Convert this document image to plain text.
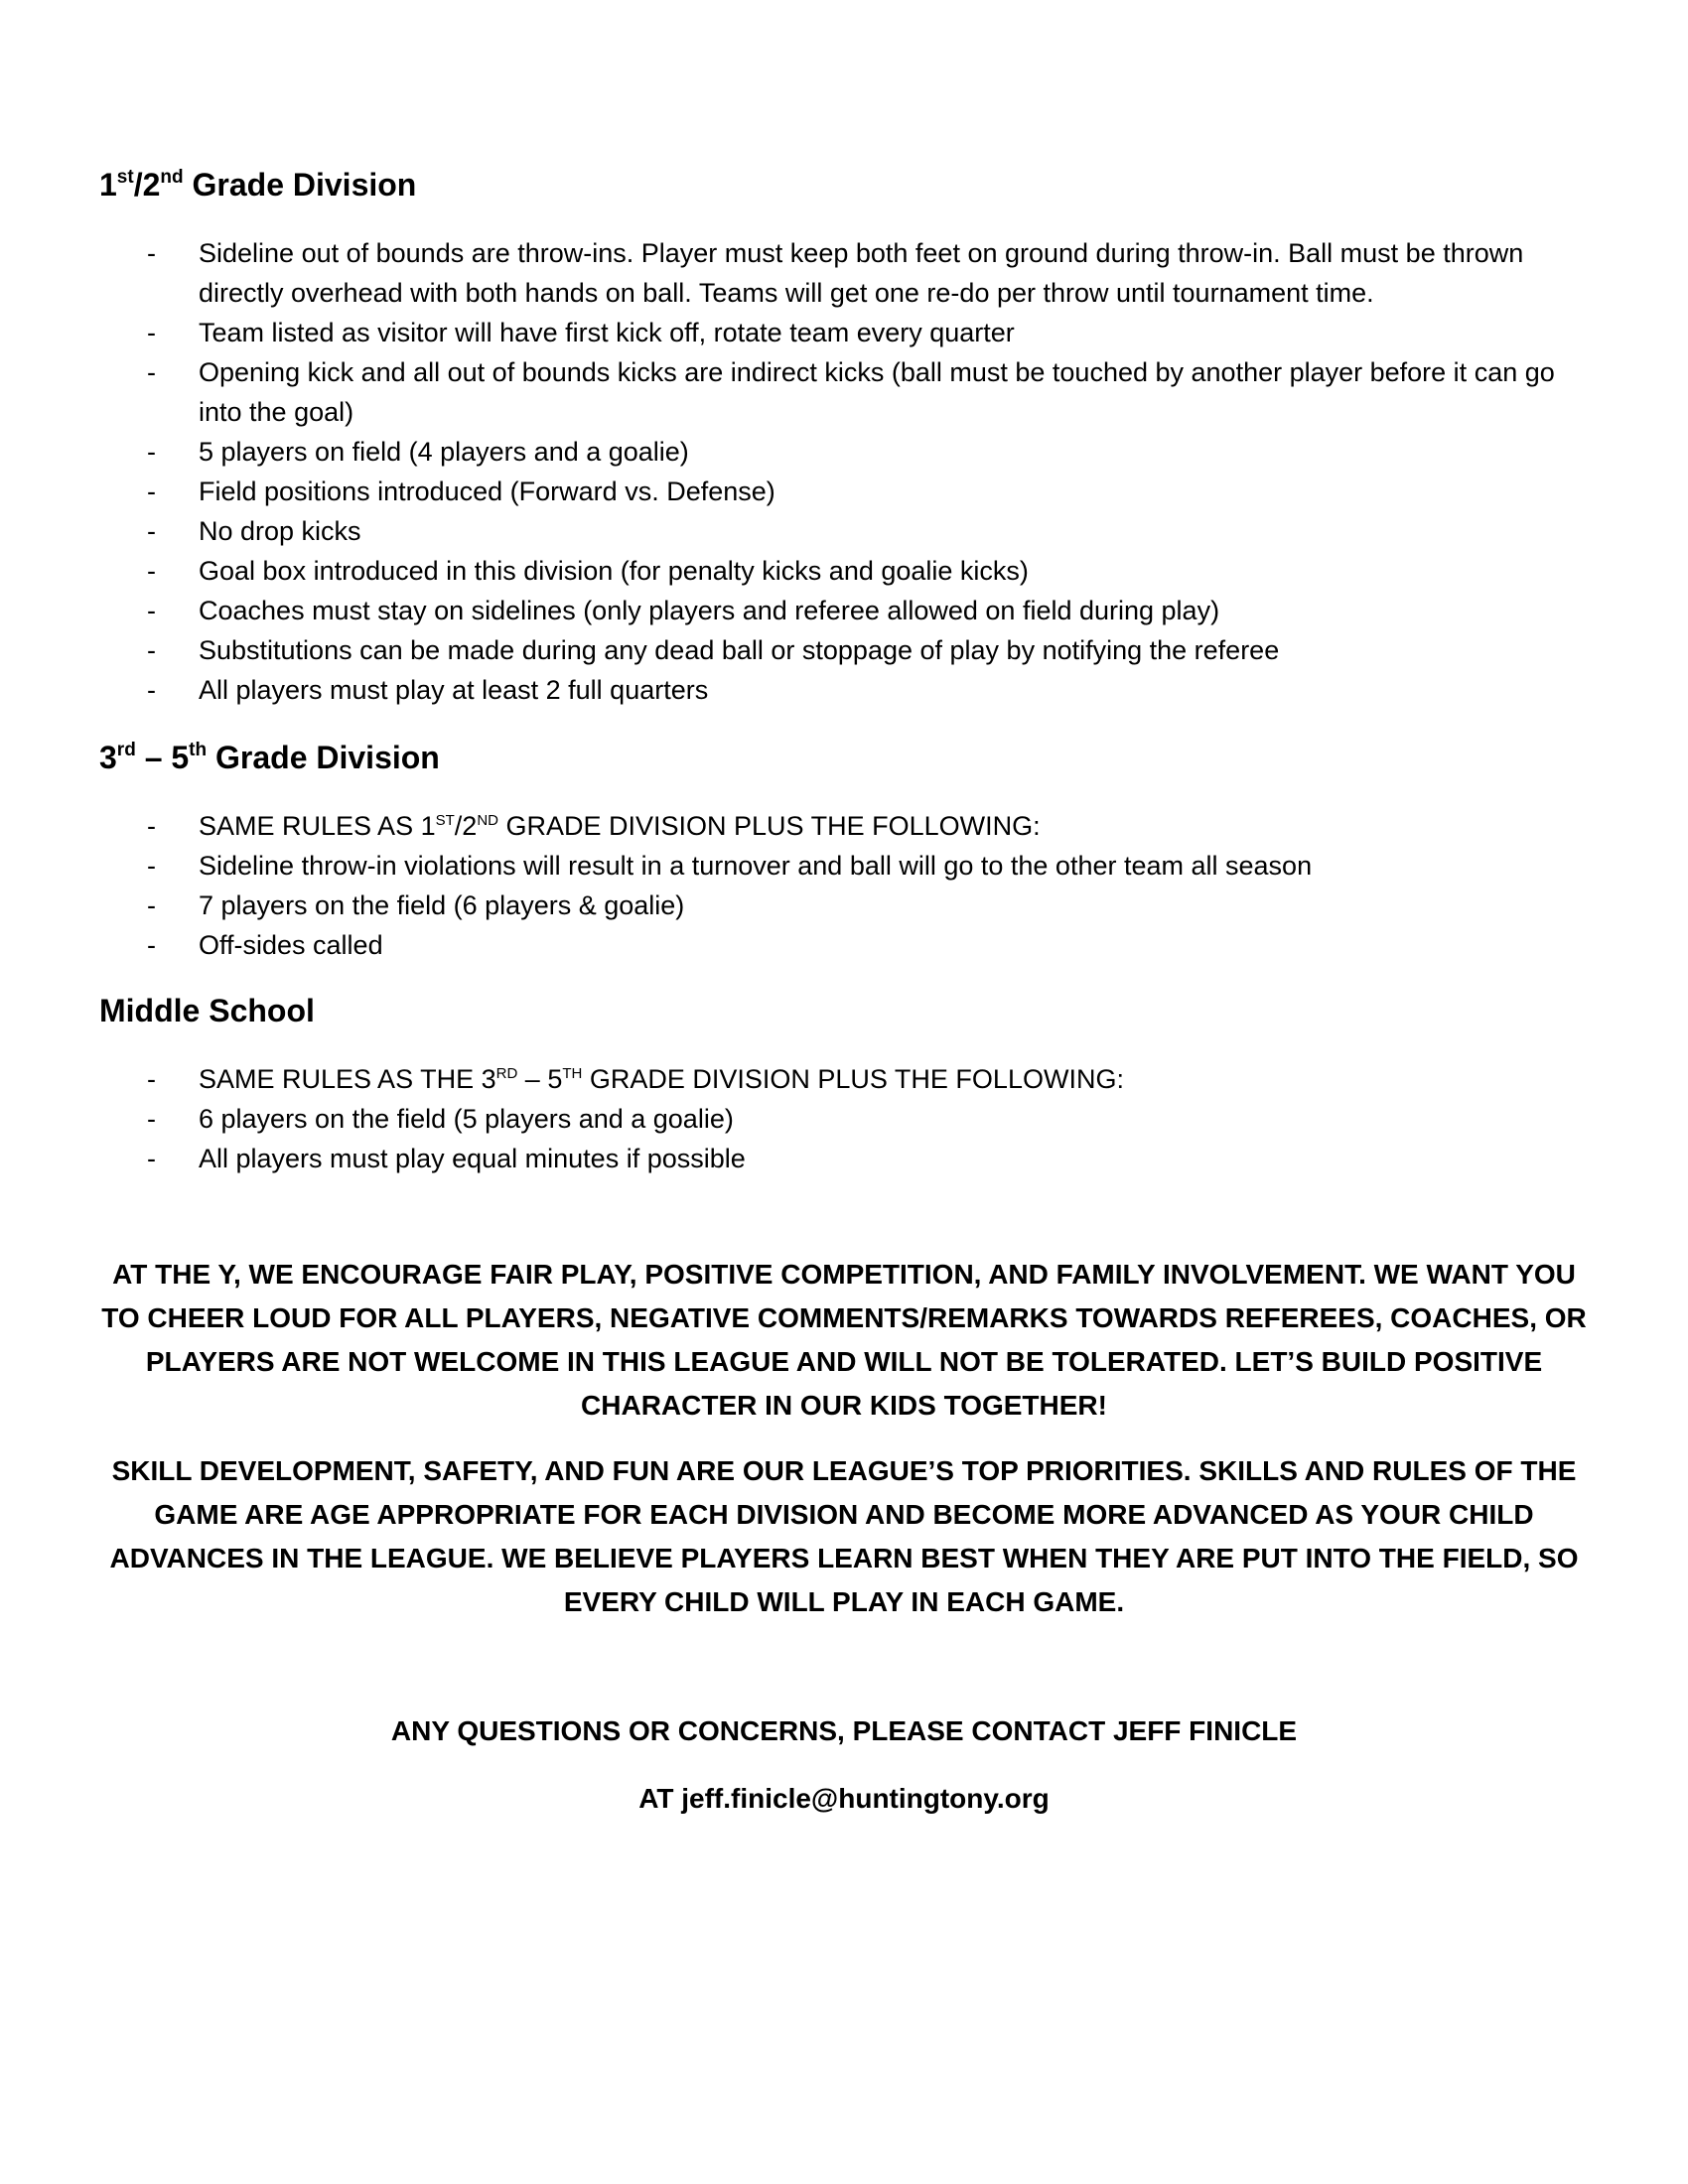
1st/2nd Grade Division
- Sideline out of bounds are throw-ins. Player must keep both feet on ground during throw-in. Ball must be thrown directly overhead with both hands on ball. Teams will get one re-do per throw until tournament time.
- Team listed as visitor will have first kick off, rotate team every quarter
- Opening kick and all out of bounds kicks are indirect kicks (ball must be touched by another player before it can go into the goal)
- 5 players on field (4 players and a goalie)
- Field positions introduced (Forward vs. Defense)
- No drop kicks
- Goal box introduced in this division (for penalty kicks and goalie kicks)
- Coaches must stay on sidelines (only players and referee allowed on field during play)
- Substitutions can be made during any dead ball or stoppage of play by notifying the referee
- All players must play at least 2 full quarters
3rd – 5th Grade Division
- SAME RULES AS 1ST/2ND GRADE DIVISION PLUS THE FOLLOWING:
- Sideline throw-in violations will result in a turnover and ball will go to the other team all season
- 7 players on the field (6 players & goalie)
- Off-sides called
Middle School
- SAME RULES AS THE 3RD – 5TH GRADE DIVISION PLUS THE FOLLOWING:
- 6 players on the field (5 players and a goalie)
- All players must play equal minutes if possible

AT THE Y, WE ENCOURAGE FAIR PLAY, POSITIVE COMPETITION, AND FAMILY INVOLVEMENT. WE WANT YOU TO CHEER LOUD FOR ALL PLAYERS, NEGATIVE COMMENTS/REMARKS TOWARDS REFEREES, COACHES, OR PLAYERS ARE NOT WELCOME IN THIS LEAGUE AND WILL NOT BE TOLERATED. LET’S BUILD POSITIVE CHARACTER IN OUR KIDS TOGETHER!

SKILL DEVELOPMENT, SAFETY, AND FUN ARE OUR LEAGUE’S TOP PRIORITIES. SKILLS AND RULES OF THE GAME ARE AGE APPROPRIATE FOR EACH DIVISION AND BECOME MORE ADVANCED AS YOUR CHILD ADVANCES IN THE LEAGUE. WE BELIEVE PLAYERS LEARN BEST WHEN THEY ARE PUT INTO THE FIELD, SO EVERY CHILD WILL PLAY IN EACH GAME.

ANY QUESTIONS OR CONCERNS, PLEASE CONTACT JEFF FINICLE

AT jeff.finicle@huntingtony.org
